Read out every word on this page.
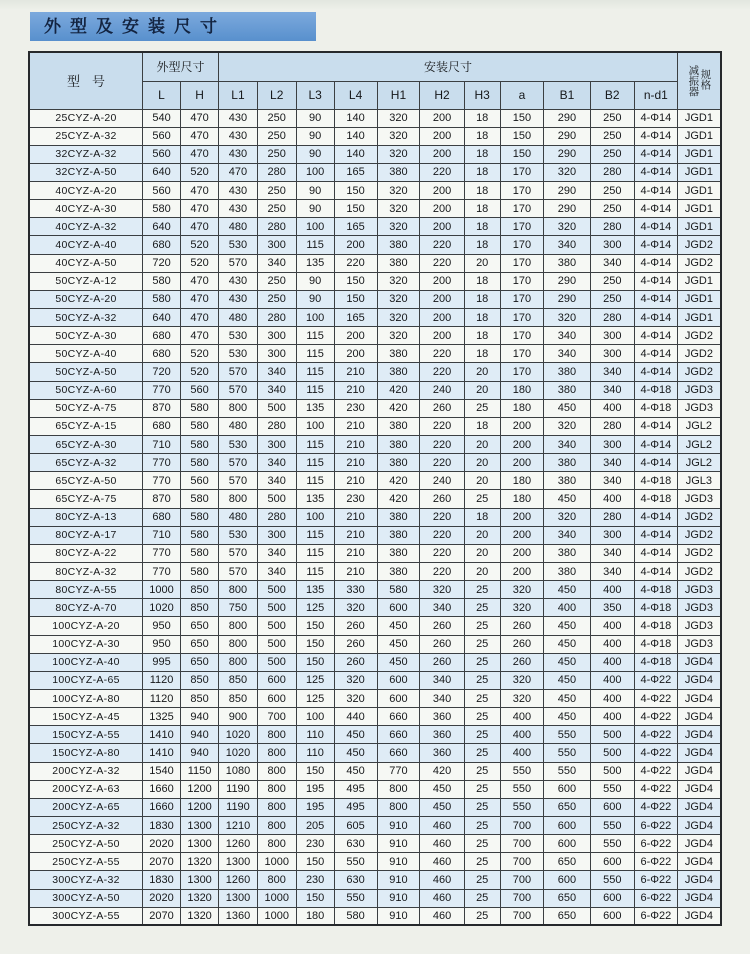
外型及安装尺寸
型号	外型尺寸		安装尺寸											减振器 规格

	L	H	L1	L2	L3	L4	H1	H2	H3	a	B1	B2	n-d1	
25CYZ-A-20	540	470	430	250	90	140	320	200	18	150	290	250	4-Φ14	JGD1
25CYZ-A-32	560	470	430	250	90	140	320	200	18	150	290	250	4-Φ14	JGD1
32CYZ-A-32	560	470	430	250	90	140	320	200	18	150	290	250	4-Φ14	JGD1
32CYZ-A-50	640	520	470	280	100	165	380	220	18	170	320	280	4-Φ14	JGD1
40CYZ-A-20	560	470	430	250	90	150	320	200	18	170	290	250	4-Φ14	JGD1
40CYZ-A-30	580	470	430	250	90	150	320	200	18	170	290	250	4-Φ14	JGD1
40CYZ-A-32	640	470	480	280	100	165	320	200	18	170	320	280	4-Φ14	JGD1
40CYZ-A-40	680	520	530	300	115	200	380	220	18	170	340	300	4-Φ14	JGD2
40CYZ-A-50	720	520	570	340	135	220	380	220	20	170	380	340	4-Φ14	JGD2
50CYZ-A-12	580	470	430	250	90	150	320	200	18	170	290	250	4-Φ14	JGD1
50CYZ-A-20	580	470	430	250	90	150	320	200	18	170	290	250	4-Φ14	JGD1
50CYZ-A-32	640	470	480	280	100	165	320	200	18	170	320	280	4-Φ14	JGD1
50CYZ-A-30	680	470	530	300	115	200	320	200	18	170	340	300	4-Φ14	JGD2
50CYZ-A-40	680	520	530	300	115	200	380	220	18	170	340	300	4-Φ14	JGD2
50CYZ-A-50	720	520	570	340	115	210	380	220	20	170	380	340	4-Φ14	JGD2
50CYZ-A-60	770	560	570	340	115	210	420	240	20	180	380	340	4-Φ18	JGD3
50CYZ-A-75	870	580	800	500	135	230	420	260	25	180	450	400	4-Φ18	JGD3
65CYZ-A-15	680	580	480	280	100	210	380	220	18	200	320	280	4-Φ14	JGL2
65CYZ-A-30	710	580	530	300	115	210	380	220	20	200	340	300	4-Φ14	JGL2
65CYZ-A-32	770	580	570	340	115	210	380	220	20	200	380	340	4-Φ14	JGL2
65CYZ-A-50	770	560	570	340	115	210	420	240	20	180	380	340	4-Φ18	JGL3
65CYZ-A-75	870	580	800	500	135	230	420	260	25	180	450	400	4-Φ18	JGD3
80CYZ-A-13	680	580	480	280	100	210	380	220	18	200	320	280	4-Φ14	JGD2
80CYZ-A-17	710	580	530	300	115	210	380	220	20	200	340	300	4-Φ14	JGD2
80CYZ-A-22	770	580	570	340	115	210	380	220	20	200	380	340	4-Φ14	JGD2
80CYZ-A-32	770	580	570	340	115	210	380	220	20	200	380	340	4-Φ14	JGD2
80CYZ-A-55	1000	850	800	500	135	330	580	320	25	320	450	400	4-Φ18	JGD3
80CYZ-A-70	1020	850	750	500	125	320	600	340	25	320	400	350	4-Φ18	JGD3
100CYZ-A-20	950	650	800	500	150	260	450	260	25	260	450	400	4-Φ18	JGD3
100CYZ-A-30	950	650	800	500	150	260	450	260	25	260	450	400	4-Φ18	JGD3
100CYZ-A-40	995	650	800	500	150	260	450	260	25	260	450	400	4-Φ18	JGD4
100CYZ-A-65	1120	850	850	600	125	320	600	340	25	320	450	400	4-Φ22	JGD4
100CYZ-A-80	1120	850	850	600	125	320	600	340	25	320	450	400	4-Φ22	JGD4
150CYZ-A-45	1325	940	900	700	100	440	660	360	25	400	450	400	4-Φ22	JGD4
150CYZ-A-55	1410	940	1020	800	110	450	660	360	25	400	550	500	4-Φ22	JGD4
150CYZ-A-80	1410	940	1020	800	110	450	660	360	25	400	550	500	4-Φ22	JGD4
200CYZ-A-32	1540	1150	1080	800	150	450	770	420	25	550	550	500	4-Φ22	JGD4
200CYZ-A-63	1660	1200	1190	800	195	495	800	450	25	550	600	550	4-Φ22	JGD4
200CYZ-A-65	1660	1200	1190	800	195	495	800	450	25	550	650	600	4-Φ22	JGD4
250CYZ-A-32	1830	1300	1210	800	205	605	910	460	25	700	600	550	6-Φ22	JGD4
250CYZ-A-50	2020	1300	1260	800	230	630	910	460	25	700	600	550	6-Φ22	JGD4
250CYZ-A-55	2070	1320	1300	1000	150	550	910	460	25	700	650	600	6-Φ22	JGD4
300CYZ-A-32	1830	1300	1260	800	230	630	910	460	25	700	600	550	6-Φ22	JGD4
300CYZ-A-50	2020	1320	1300	1000	150	550	910	460	25	700	650	600	6-Φ22	JGD4
300CYZ-A-55	2070	1320	1360	1000	180	580	910	460	25	700	650	600	6-Φ22	JGD4
